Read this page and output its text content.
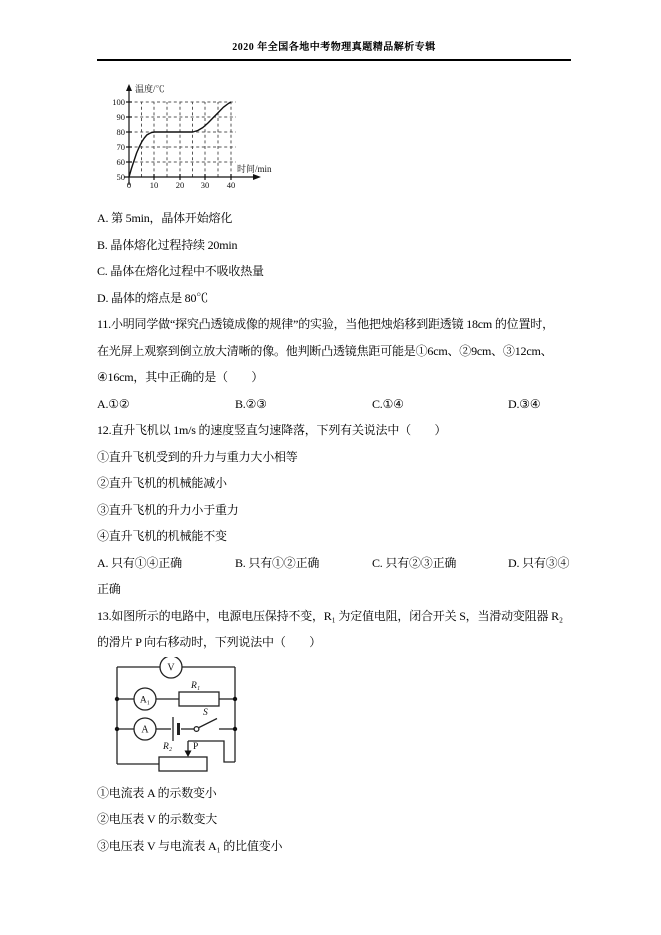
2020 年全国各地中考物理真题精品解析专辑
50
60
70
80
90
100
0 10 20 30 40
温度/℃
时间/min
A. 第 5min，晶体开始熔化
B. 晶体熔化过程持续 20min
C. 晶体在熔化过程中不吸收热量
D. 晶体的熔点是 80℃
11.小明同学做“探究凸透镜成像的规律”的实验，当他把烛焰移到距透镜 18cm 的位置时，
在光屏上观察到倒立放大清晰的像。他判断凸透镜焦距可能是①6cm、②9cm、③12cm、
④16cm，其中正确的是（　　）
A.①②	B.②③	C.①④	D.③④
12.直升飞机以 1m/s 的速度竖直匀速降落，下列有关说法中（　　）
①直升飞机受到的升力与重力大小相等
②直升飞机的机械能减小
③直升飞机的升力小于重力
④直升飞机的机械能不变
A. 只有①④正确	B. 只有①②正确	C. 只有②③正确	D. 只有③④
正确
13.如图所示的电路中，电源电压保持不变，R₁ 为定值电阻，闭合开关 S，当滑动变阻器 R₂
的滑片 P 向右移动时，下列说法中（　　）
V
A₁
R₁
A
S
R₂ P
①电流表 A 的示数变小
②电压表 V 的示数变大
③电压表 V 与电流表 A₁ 的比值变小
